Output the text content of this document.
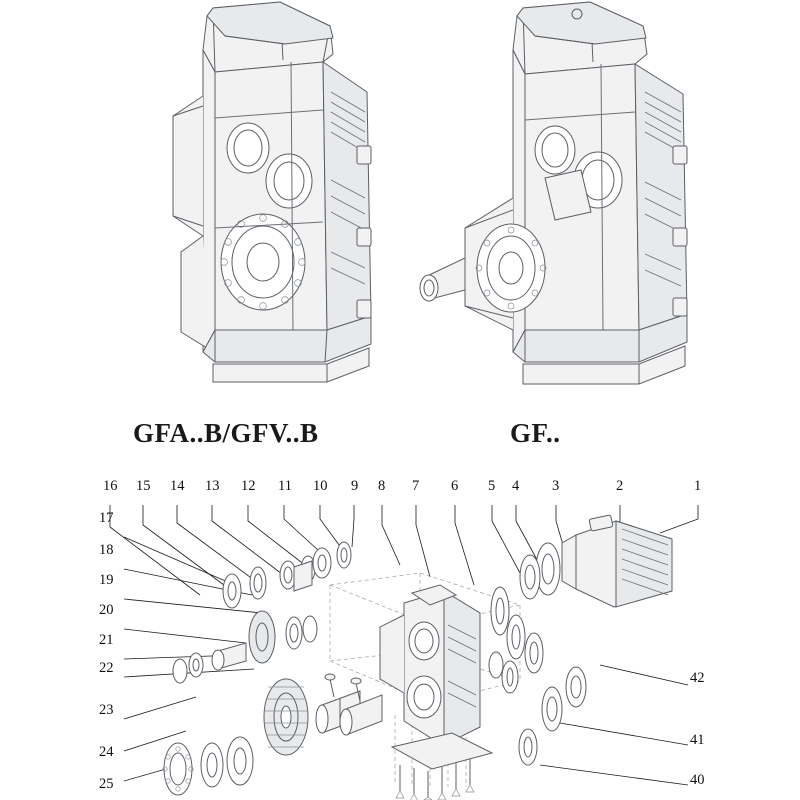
GFA..B/GFV..B	GF..
16 15 14 13 12 11 10 9 8 7 6 5 4 3	2	1
17
18
19
20
21
22
23
24
25
42
41
40
